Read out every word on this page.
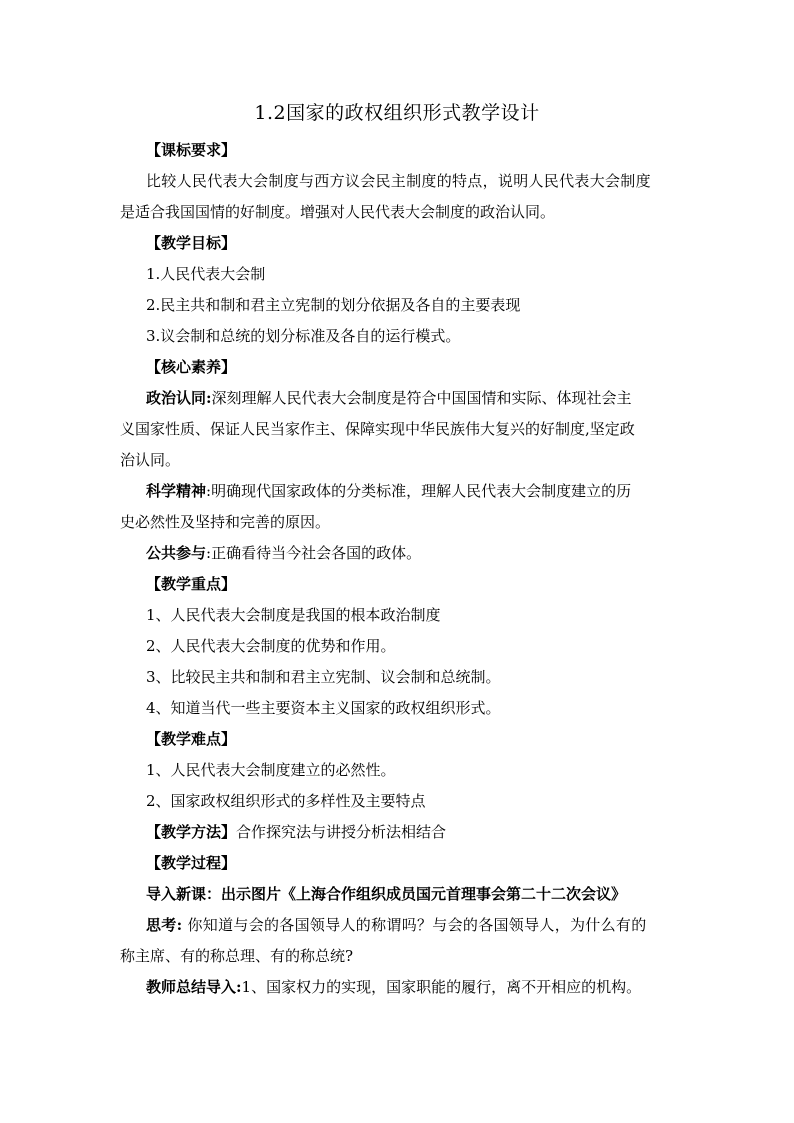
1.2国家的政权组织形式教学设计
【课标要求】
比较人民代表大会制度与西方议会民主制度的特点，说明人民代表大会制度
是适合我国国情的好制度。增强对人民代表大会制度的政治认同。
【教学目标】
1.人民代表大会制
2.民主共和制和君主立宪制的划分依据及各自的主要表现
3.议会制和总统的划分标准及各自的运行模式。
【核心素养】
政治认同:深刻理解人民代表大会制度是符合中国国情和实际、体现社会主
义国家性质、保证人民当家作主、保障实现中华民族伟大复兴的好制度,坚定政
治认同。
科学精神:明确现代国家政体的分类标准，理解人民代表大会制度建立的历
史必然性及坚持和完善的原因。
公共参与:正确看待当今社会各国的政体。
【教学重点】
1、人民代表大会制度是我国的根本政治制度
2、人民代表大会制度的优势和作用。
3、比较民主共和制和君主立宪制、议会制和总统制。
4、知道当代一些主要资本主义国家的政权组织形式。
【教学难点】
1、人民代表大会制度建立的必然性。
2、国家政权组织形式的多样性及主要特点
【教学方法】合作探究法与讲授分析法相结合
【教学过程】
导入新课：出示图片《上海合作组织成员国元首理事会第二十二次会议》
思考: 你知道与会的各国领导人的称谓吗？与会的各国领导人，为什么有的
称主席、有的称总理、有的称总统?
教师总结导入:1、国家权力的实现，国家职能的履行，离不开相应的机构。
